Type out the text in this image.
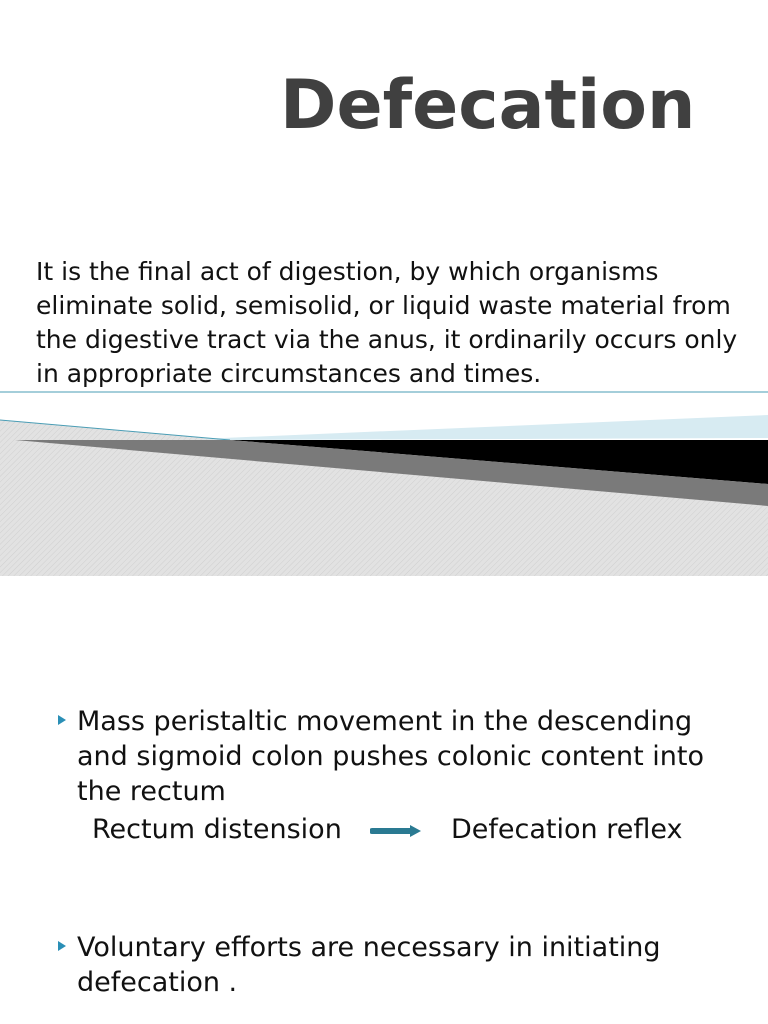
Defecation

It is the final act of digestion, by which organisms eliminate solid, semisolid, or liquid waste material from the digestive tract via the anus, it ordinarily occurs only in appropriate circumstances and times.

Mass peristaltic movement in the descending and sigmoid colon pushes colonic content into the rectum
Rectum distension	Defecation reflex
Voluntary efforts are necessary in initiating defecation .
